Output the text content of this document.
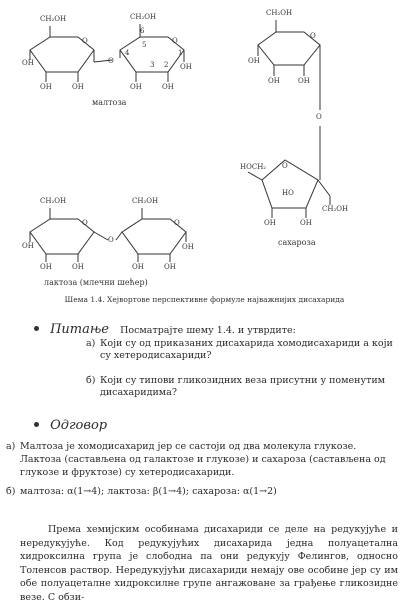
CH₂OH	CH₂OH
O	O
OH
OH	OH
O
OH	OH
OH
6
5
4
3 2
1
малтоза
CH₂OH
O
OH
OH	OH
O
HOCH₂ O
OH
HO
OH
CH₂OH
сахароза
CH₂OH	CH₂OH
O	O
O
OH
OH	OH	OH	OH
OH
лактоза (млечни шећер)
Шема 1.4. Хејвортове перспективне формуле најважнијих дисахарида
Питање Посматрајте шему 1.4. и утврдите:
а) Који су од приказаних дисахарида хомодисахариди а који су хетеродисахариди?
б) Који су типови гликозидних веза присутни у поменутим дисахаридима?
Одговор
а) Малтоза је хомодисахарид јер се састоји од два молекула глукозе. Лактоза (састављена од галактозе и глукозе) и сахароза (састављена од глукозе и фруктозе) су хетеродисахариди.
б) малтоза: α(1→4); лактоза: β(1→4); сахароза: α(1→2)
Према хемијским особинама дисахариди се деле на редукујуће и нередукујуће. Код редукујућих дисахарида једна полуацетална хидроксилна група је слободна па они редукују Фелингов, односно Толенсов раствор. Нередукујући дисахариди немају ове особине јер су им обе полуацеталне хидроксилне групе ангажоване за грађење гликозидне везе. С обзи-
